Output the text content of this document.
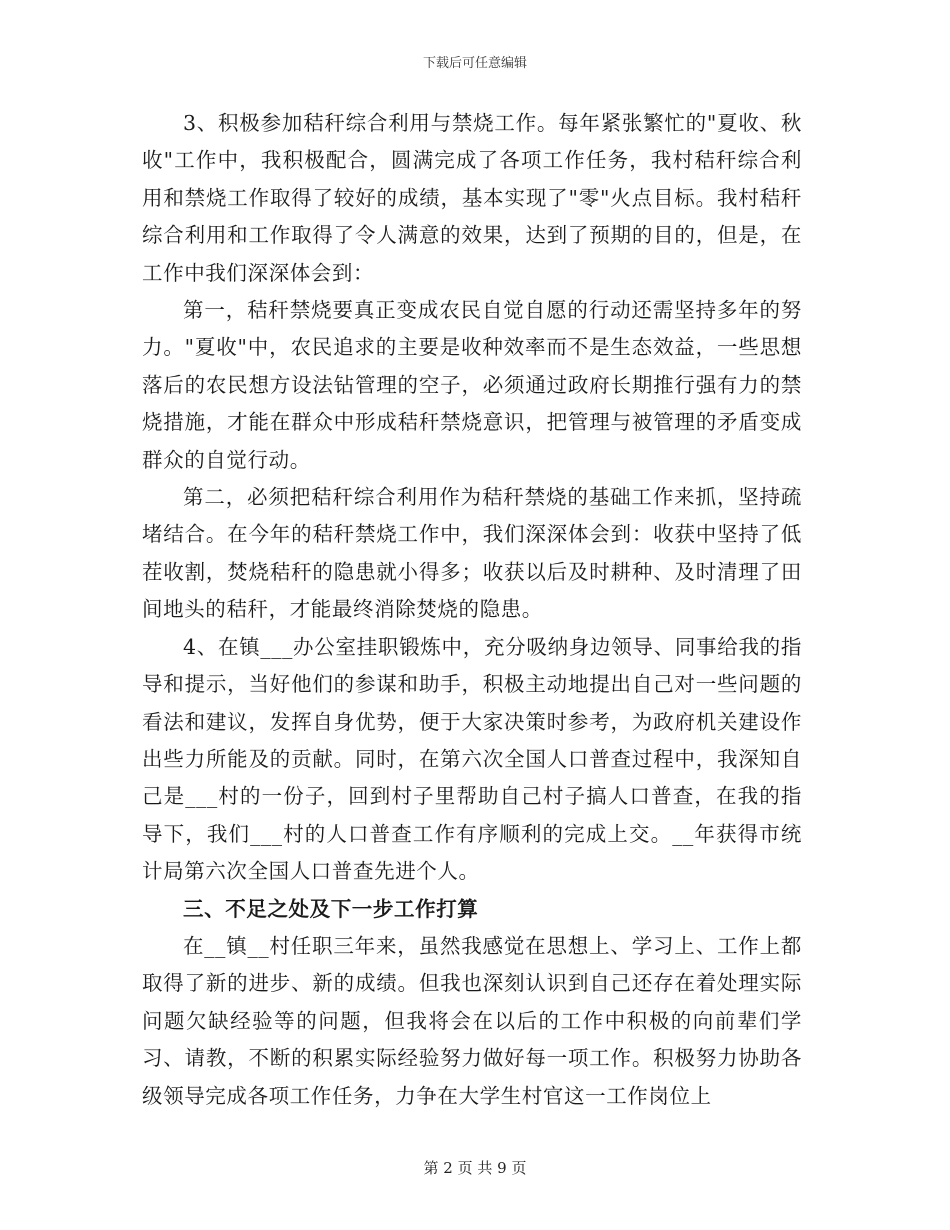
下载后可任意编辑

3、积极参加秸秆综合利用与禁烧工作。每年紧张繁忙的"夏收、秋收"工作中，我积极配合，圆满完成了各项工作任务，我村秸秆综合利用和禁烧工作取得了较好的成绩，基本实现了"零"火点目标。我村秸秆综合利用和工作取得了令人满意的效果，达到了预期的目的，但是，在工作中我们深深体会到：

第一，秸秆禁烧要真正变成农民自觉自愿的行动还需坚持多年的努力。"夏收"中，农民追求的主要是收种效率而不是生态效益，一些思想落后的农民想方设法钻管理的空子，必须通过政府长期推行强有力的禁烧措施，才能在群众中形成秸秆禁烧意识，把管理与被管理的矛盾变成群众的自觉行动。

第二，必须把秸秆综合利用作为秸秆禁烧的基础工作来抓，坚持疏堵结合。在今年的秸秆禁烧工作中，我们深深体会到：收获中坚持了低茬收割，焚烧秸秆的隐患就小得多；收获以后及时耕种、及时清理了田间地头的秸秆，才能最终消除焚烧的隐患。

4、在镇___办公室挂职锻炼中，充分吸纳身边领导、同事给我的指导和提示，当好他们的参谋和助手，积极主动地提出自己对一些问题的看法和建议，发挥自身优势，便于大家决策时参考，为政府机关建设作出些力所能及的贡献。同时，在第六次全国人口普查过程中，我深知自己是___村的一份子，回到村子里帮助自己村子搞人口普查，在我的指导下，我们___村的人口普查工作有序顺利的完成上交。__年获得市统计局第六次全国人口普查先进个人。

三、不足之处及下一步工作打算

在__镇__村任职三年来，虽然我感觉在思想上、学习上、工作上都取得了新的进步、新的成绩。但我也深刻认识到自己还存在着处理实际问题欠缺经验等的问题，但我将会在以后的工作中积极的向前辈们学习、请教，不断的积累实际经验努力做好每一项工作。积极努力协助各级领导完成各项工作任务，力争在大学生村官这一工作岗位上

第 2 页 共 9 页
